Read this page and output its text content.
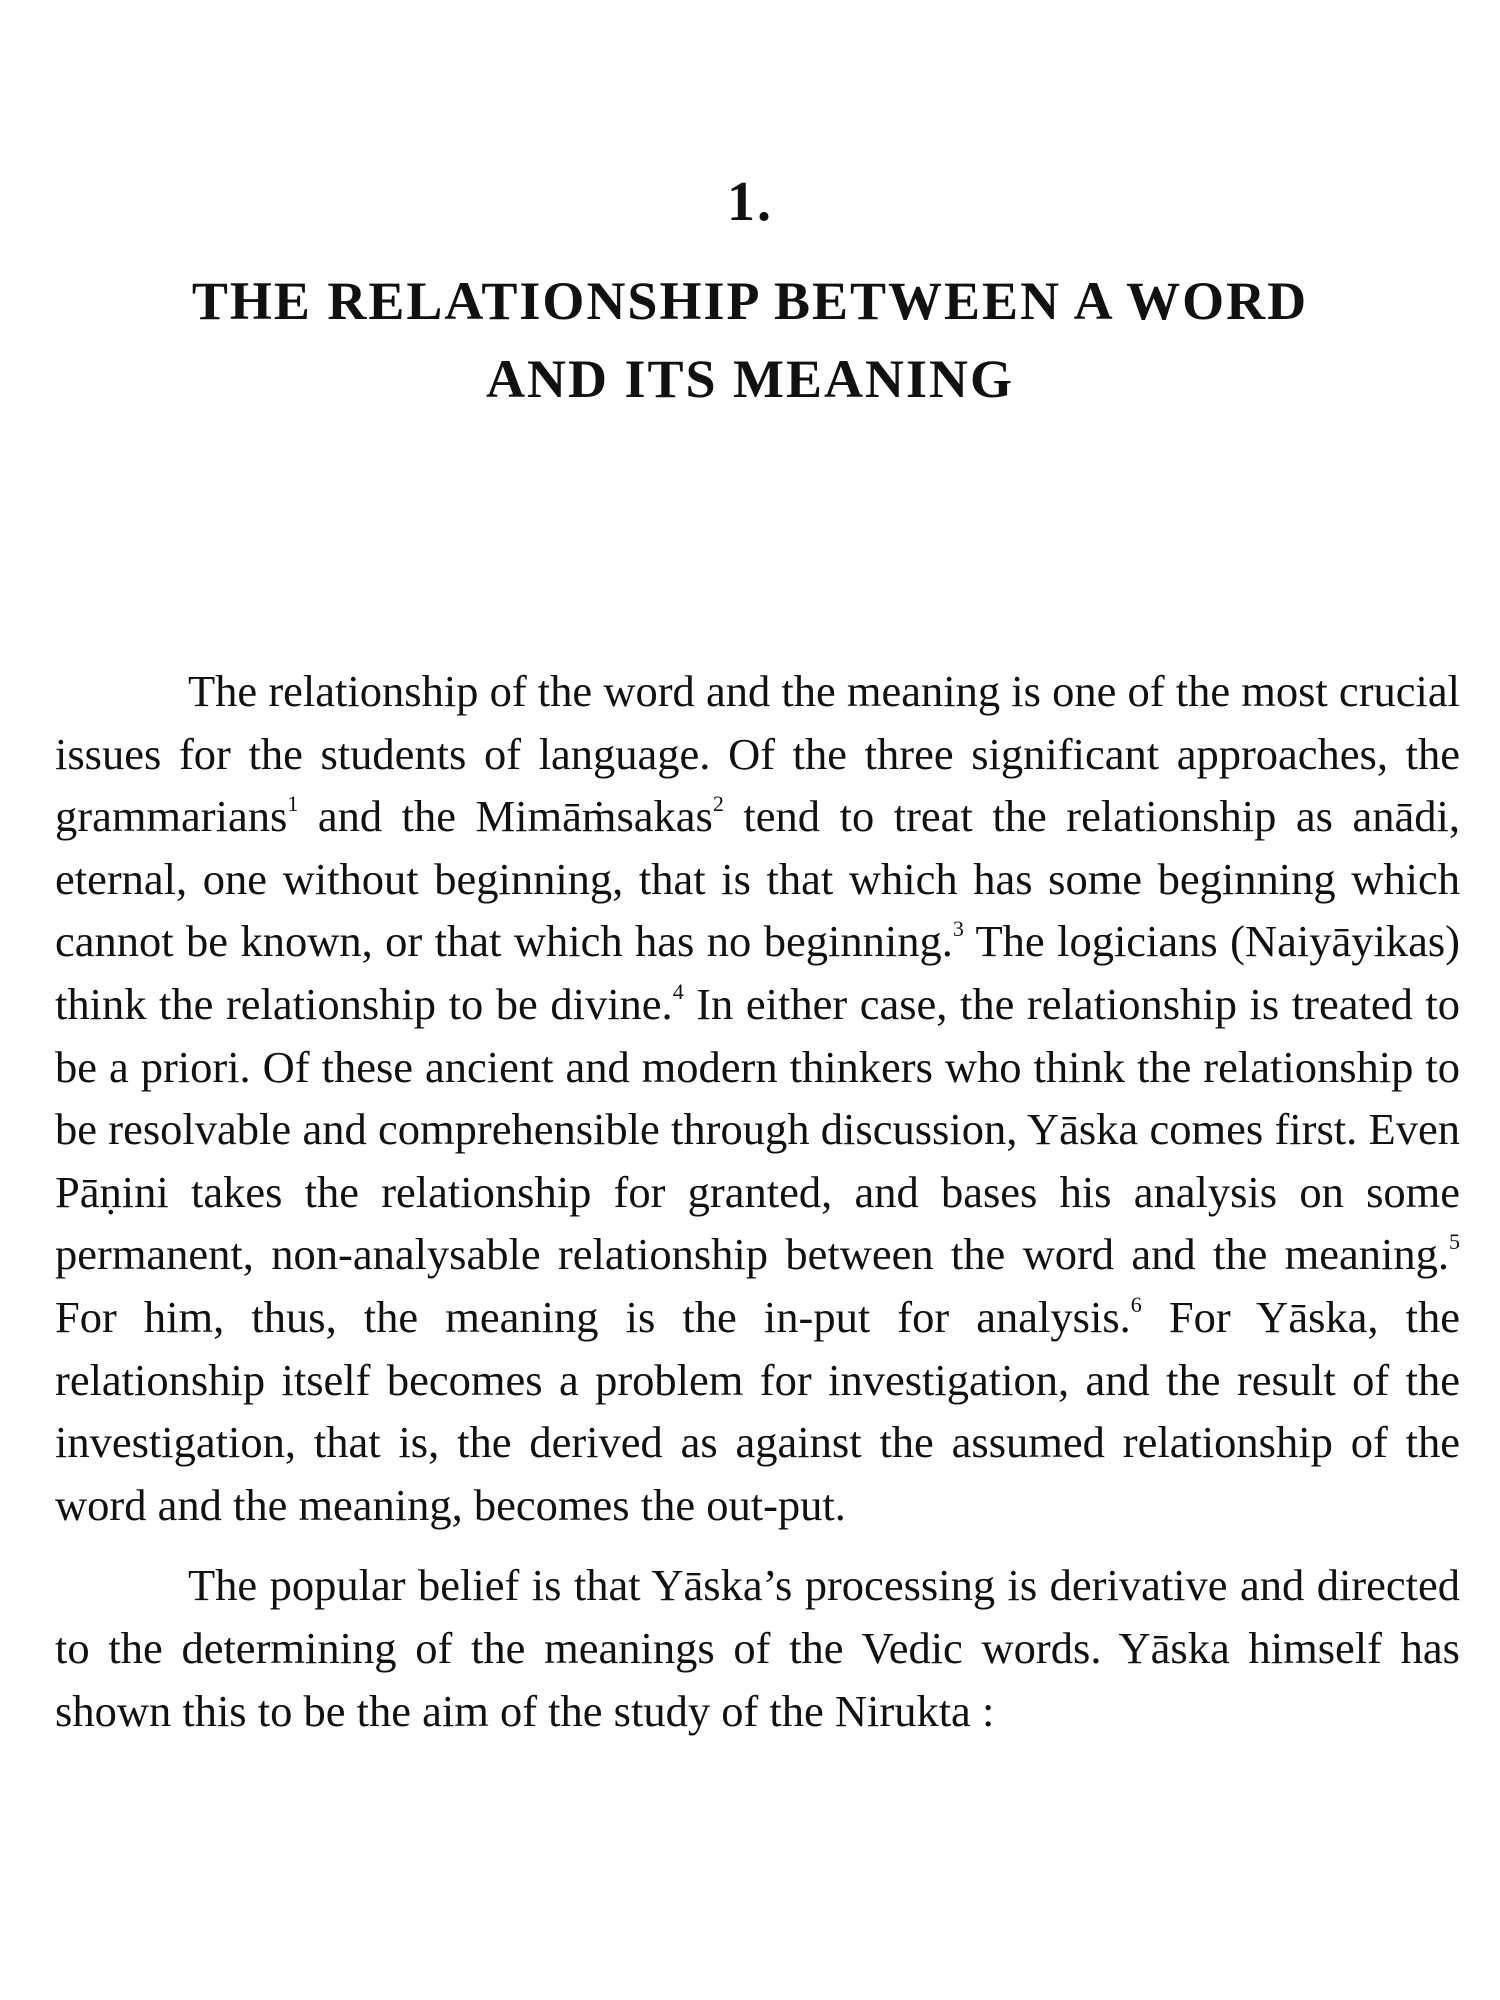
1.
THE RELATIONSHIP BETWEEN A WORD
AND ITS MEANING

The relationship of the word and the meaning is one of the most crucial issues for the students of language. Of the three significant approaches, the grammarians$^1$ and the Mimāṁsakas$^2$ tend to treat the relationship as anādi, eternal, one without beginning, that is that which has some beginning which cannot be known, or that which has no beginning.$^3$ The logicians (Naiyāyikas) think the relationship to be divine.$^4$ In either case, the relationship is treated to be a priori. Of these ancient and modern thinkers who think the relationship to be resolvable and comprehensible through discussion, Yāska comes first. Even Pāṇini takes the relationship for granted, and bases his analysis on some permanent, non-analysable relationship between the word and the meaning.$^5$ For him, thus, the meaning is the in-put for analysis.$^6$ For Yāska, the relationship itself becomes a problem for investigation, and the result of the investigation, that is, the derived as against the assumed relationship of the word and the meaning, becomes the out-put.

The popular belief is that Yāska’s processing is derivative and directed to the determining of the meanings of the Vedic words. Yāska himself has shown this to be the aim of the study of the Nirukta :
